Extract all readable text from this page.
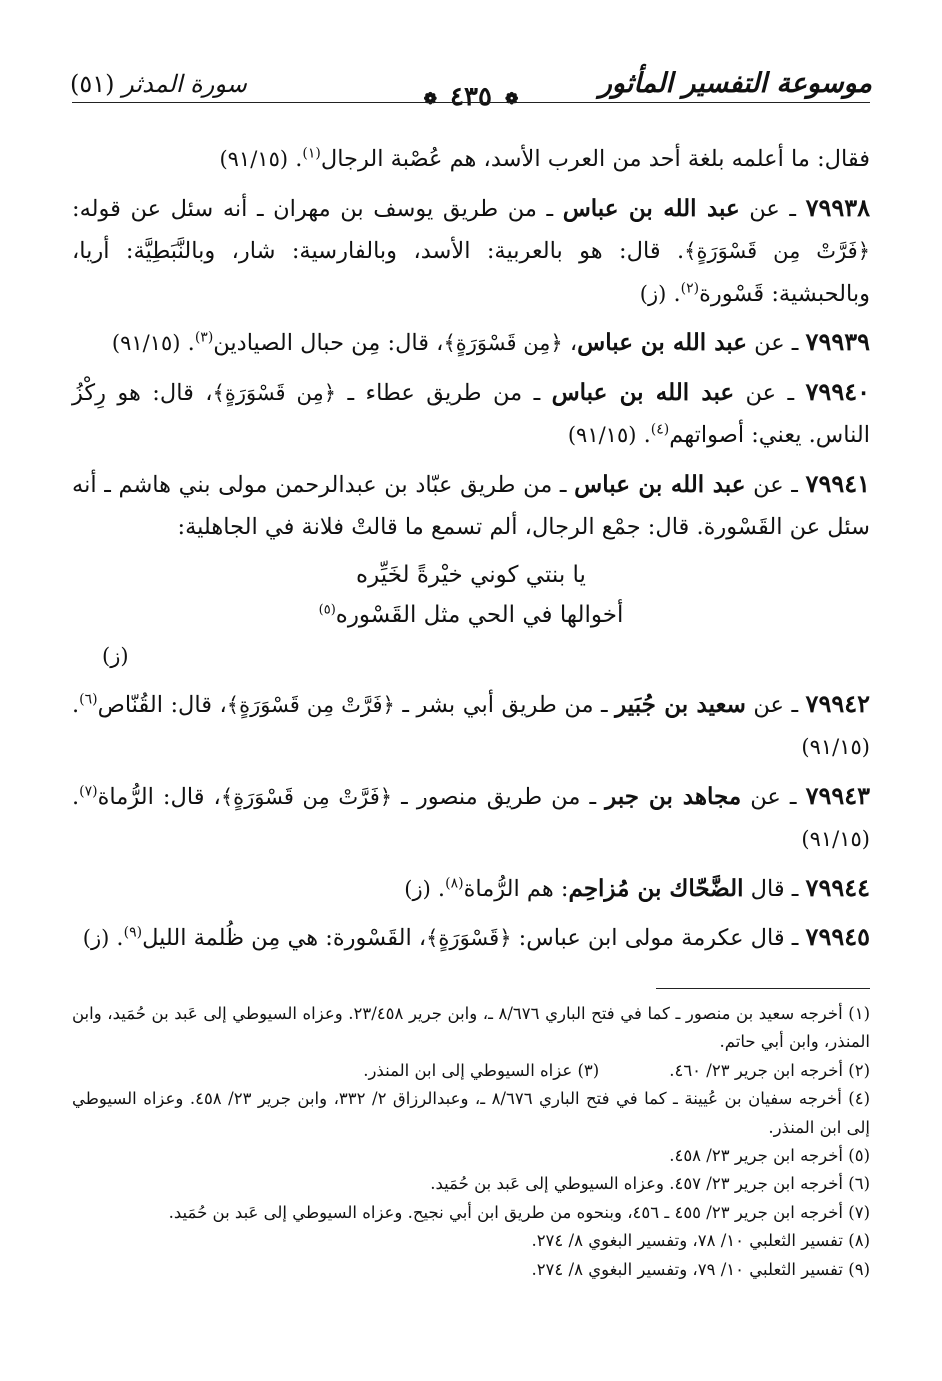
موسوعة التفسير المأثور
❁ ٤٣٥ ❁
سورة المدثر (٥١)

فقال: ما أعلمه بلغة أحد من العرب الأسد، هم عُصْبة الرجال$^{(١)}$. (٩١/١٥)

٧٩٩٣٨ ـ عن عبد الله بن عباس ـ من طريق يوسف بن مهران ـ أنه سئل عن قوله: ﴿فَرَّتْ مِن قَسْوَرَةٍ﴾. قال: هو بالعربية: الأسد، وبالفارسية: شار، وبالنَّبَطِيَّة: أريا، وبالحبشية: قَسْورة$^{(٢)}$. (ز)

٧٩٩٣٩ ـ عن عبد الله بن عباس، ﴿مِن قَسْوَرَةٍ﴾، قال: مِن حبال الصيادين$^{(٣)}$. (٩١/١٥)

٧٩٩٤٠ ـ عن عبد الله بن عباس ـ من طريق عطاء ـ ﴿مِن قَسْوَرَةٍ﴾، قال: هو رِكْزُ الناس. يعني: أصواتهم$^{(٤)}$. (٩١/١٥)

٧٩٩٤١ ـ عن عبد الله بن عباس ـ من طريق عبّاد بن عبدالرحمن مولى بني هاشم ـ أنه سئل عن القَسْورة. قال: جمْع الرجال، ألم تسمع ما قالتْ فلانة في الجاهلية:

يا بنتي كوني خيْرةً لخَيِّره
أخوالها في الحي مثل القَسْوره$^{(٥)}$
(ز)

٧٩٩٤٢ ـ عن سعيد بن جُبَير ـ من طريق أبي بشر ـ ﴿فَرَّتْ مِن قَسْوَرَةٍ﴾، قال: القُنّاص$^{(٦)}$. (٩١/١٥)

٧٩٩٤٣ ـ عن مجاهد بن جبر ـ من طريق منصور ـ ﴿فَرَّتْ مِن قَسْوَرَةٍ﴾، قال: الرُّماة$^{(٧)}$. (٩١/١٥)

٧٩٩٤٤ ـ قال الضَّحّاك بن مُزاحِم: هم الرُّماة$^{(٨)}$. (ز)

٧٩٩٤٥ ـ قال عكرمة مولى ابن عباس: ﴿قَسْوَرَةٍ﴾، القَسْورة: هي مِن ظُلمة الليل$^{(٩)}$. (ز)

(١) أخرجه سعيد بن منصور ـ كما في فتح الباري ٨/٦٧٦ ـ، وابن جرير ٢٣/٤٥٨. وعزاه السيوطي إلى عَبد بن حُمَيد، وابن المنذر، وابن أبي حاتم.

(٢) أخرجه ابن جرير ٢٣/ ٤٦٠.

(٣) عزاه السيوطي إلى ابن المنذر.

(٤) أخرجه سفيان بن عُيينة ـ كما في فتح الباري ٨/٦٧٦ ـ، وعبدالرزاق ٢/ ٣٣٢، وابن جرير ٢٣/ ٤٥٨. وعزاه السيوطي إلى ابن المنذر.

(٥) أخرجه ابن جرير ٢٣/ ٤٥٨.

(٦) أخرجه ابن جرير ٢٣/ ٤٥٧. وعزاه السيوطي إلى عَبد بن حُمَيد.

(٧) أخرجه ابن جرير ٢٣/ ٤٥٥ ـ ٤٥٦، وبنحوه من طريق ابن أبي نجيح. وعزاه السيوطي إلى عَبد بن حُمَيد.

(٨) تفسير الثعلبي ١٠/ ٧٨، وتفسير البغوي ٨/ ٢٧٤.

(٩) تفسير الثعلبي ١٠/ ٧٩، وتفسير البغوي ٨/ ٢٧٤.
